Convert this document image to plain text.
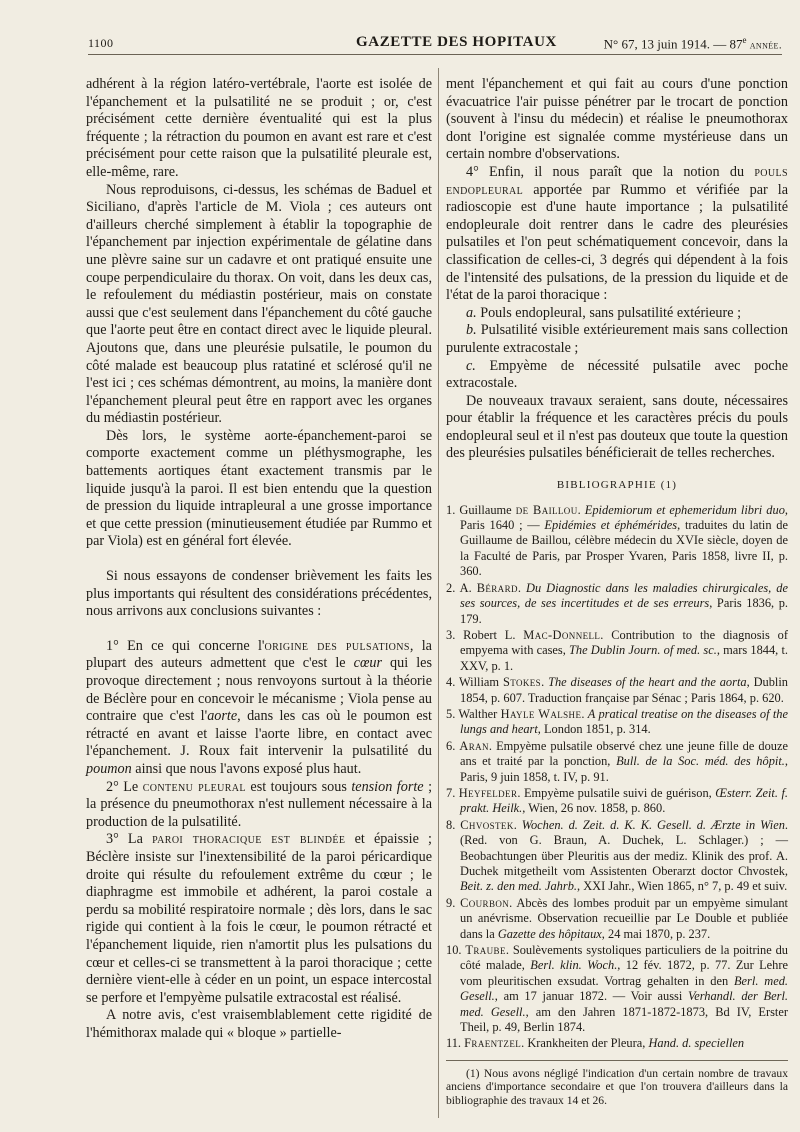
1100	GAZETTE DES HOPITAUX	N° 67, 13 juin 1914. — 87e année.

adhérent à la région latéro-vertébrale, l'aorte est isolée de l'épanchement et la pulsatilité ne se produit ; or, c'est précisément cette dernière éventualité qui est la plus fréquente ; la rétraction du poumon en avant est rare et c'est précisément pour cette raison que la pulsatilité pleurale est, elle-même, rare.

Nous reproduisons, ci-dessus, les schémas de Baduel et Siciliano, d'après l'article de M. Viola ; ces auteurs ont d'ailleurs cherché simplement à établir la topographie de l'épanchement par injection expérimentale de gélatine dans une plèvre saine sur un cadavre et ont pratiqué ensuite une coupe perpendiculaire du thorax. On voit, dans les deux cas, le refoulement du médiastin postérieur, mais on constate aussi que c'est seulement dans l'épanchement du côté gauche que l'aorte peut être en contact direct avec le liquide pleural. Ajoutons que, dans une pleurésie pulsatile, le poumon du côté malade est beaucoup plus ratatiné et sclérosé qu'il ne l'est ici ; ces schémas démontrent, au moins, la manière dont l'épanchement pleural peut être en rapport avec les organes du médiastin postérieur.

Dès lors, le système aorte-épanchement-paroi se comporte exactement comme un pléthysmographe, les battements aortiques étant exactement transmis par le liquide jusqu'à la paroi. Il est bien entendu que la question de pression du liquide intrapleural a une grosse importance et que cette pression (minutieusement étudiée par Rummo et par Viola) est en général fort élevée.

Si nous essayons de condenser brièvement les faits les plus importants qui résultent des considérations précédentes, nous arrivons aux conclusions suivantes :

1° En ce qui concerne l'origine des pulsations, la plupart des auteurs admettent que c'est le cœur qui les provoque directement ; nous renvoyons surtout à la théorie de Béclère pour en concevoir le mécanisme ; Viola pense au contraire que c'est l'aorte, dans les cas où le poumon est rétracté en avant et laisse l'aorte libre, en contact avec l'épanchement. J. Roux fait intervenir la pulsatilité du poumon ainsi que nous l'avons exposé plus haut.

2° Le contenu pleural est toujours sous tension forte ; la présence du pneumothorax n'est nullement nécessaire à la production de la pulsatilité.

3° La paroi thoracique est blindée et épaissie ; Béclère insiste sur l'inextensibilité de la paroi péricardique droite qui résulte du refoulement extrême du cœur ; le diaphragme est immobile et adhérent, la paroi costale a perdu sa mobilité respiratoire normale ; dès lors, dans le sac rigide qui contient à la fois le cœur, le poumon rétracté et l'épanchement liquide, rien n'amortit plus les pulsations du cœur et celles-ci se transmettent à la paroi thoracique ; cette dernière vient-elle à céder en un point, un espace intercostal se perfore et l'empyème pulsatile extracostal est réalisé.

A notre avis, c'est vraisemblablement cette rigidité de l'hémithorax malade qui « bloque » partielle-

ment l'épanchement et qui fait au cours d'une ponction évacuatrice l'air puisse pénétrer par le trocart de ponction (souvent à l'insu du médecin) et réalise le pneumothorax dont l'origine est signalée comme mystérieuse dans un certain nombre d'observations.

4° Enfin, il nous paraît que la notion du pouls endopleural apportée par Rummo et vérifiée par la radioscopie est d'une haute importance ; la pulsatilité endopleurale doit rentrer dans le cadre des pleurésies pulsatiles et l'on peut schématiquement concevoir, dans la classification de celles-ci, 3 degrés qui dépendent à la fois de l'intensité des pulsations, de la pression du liquide et de l'état de la paroi thoracique :

a. Pouls endopleural, sans pulsatilité extérieure ;

b. Pulsatilité visible extérieurement mais sans collection purulente extracostale ;

c. Empyème de nécessité pulsatile avec poche extracostale.

De nouveaux travaux seraient, sans doute, nécessaires pour établir la fréquence et les caractères précis du pouls endopleural seul et il n'est pas douteux que toute la question des pleurésies pulsatiles bénéficierait de telles recherches.

BIBLIOGRAPHIE (1)

1. Guillaume de Baillou. Epidemiorum et ephemeridum libri duo, Paris 1640 ; — Epidémies et éphémérides, traduites du latin de Guillaume de Baillou, célèbre médecin du XVIe siècle, doyen de la Faculté de Paris, par Prosper Yvaren, Paris 1858, livre II, p. 360.

2. A. Bérard. Du Diagnostic dans les maladies chirurgicales, de ses sources, de ses incertitudes et de ses erreurs, Paris 1836, p. 179.

3. Robert L. Mac-Donnell. Contribution to the diagnosis of empyema with cases, The Dublin Journ. of med. sc., mars 1844, t. XXV, p. 1.

4. William Stokes. The diseases of the heart and the aorta, Dublin 1854, p. 607. Traduction française par Sénac ; Paris 1864, p. 620.

5. Walther Hayle Walshe. A pratical treatise on the diseases of the lungs and heart, London 1851, p. 314.

6. Aran. Empyème pulsatile observé chez une jeune fille de douze ans et traité par la ponction, Bull. de la Soc. méd. des hôpit., Paris, 9 juin 1858, t. IV, p. 91.

7. Heyfelder. Empyème pulsatile suivi de guérison, Œsterr. Zeit. f. prakt. Heilk., Wien, 26 nov. 1858, p. 860.

8. Chvostek. Wochen. d. Zeit. d. K. K. Gesell. d. Ærzte in Wien. (Red. von G. Braun, A. Duchek, L. Schlager.) ; — Beobachtungen über Pleuritis aus der mediz. Klinik des prof. A. Duchek mitgetheilt vom Assistenten Oberarzt doctor Chvostek, Beit. z. den med. Jahrb., XXI Jahr., Wien 1865, n° 7, p. 49 et suiv.

9. Courbon. Abcès des lombes produit par un empyème simulant un anévrisme. Observation recueillie par Le Double et publiée dans la Gazette des hôpitaux, 24 mai 1870, p. 237.

10. Traube. Soulèvements systoliques particuliers de la poitrine du côté malade, Berl. klin. Woch., 12 fév. 1872, p. 77. Zur Lehre vom pleuritischen exsudat. Vortrag gehalten in den Berl. med. Gesell., am 17 januar 1872. — Voir aussi Verhandl. der Berl. med. Gesell., am den Jahren 1871-1872-1873, Bd IV, Erster Theil, p. 49, Berlin 1874.

11. Fraentzel. Krankheiten der Pleura, Hand. d. speciellen

(1) Nous avons négligé l'indication d'un certain nombre de travaux anciens d'importance secondaire et que l'on trouvera d'ailleurs dans la bibliographie des travaux 14 et 26.
